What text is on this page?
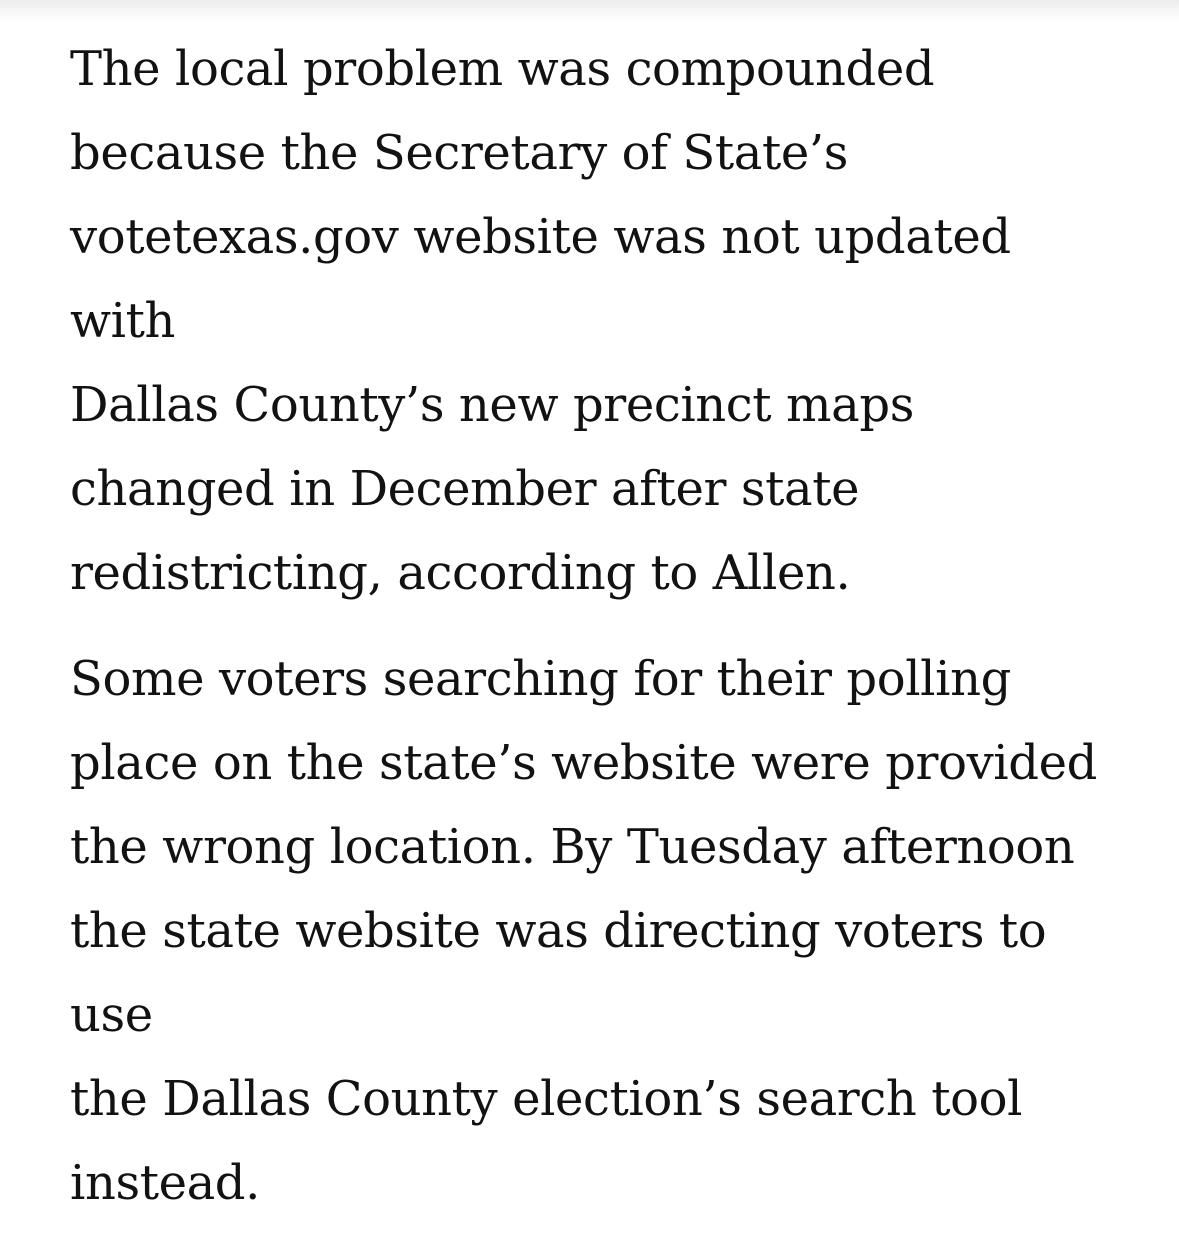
The local problem was compounded
because the Secretary of State’s
votetexas.gov website was not updated with
Dallas County’s new precinct maps
changed in December after state
redistricting, according to Allen.

Some voters searching for their polling
place on the state’s website were provided
the wrong location. By Tuesday afternoon
the state website was directing voters to use
the Dallas County election’s search tool
instead.
